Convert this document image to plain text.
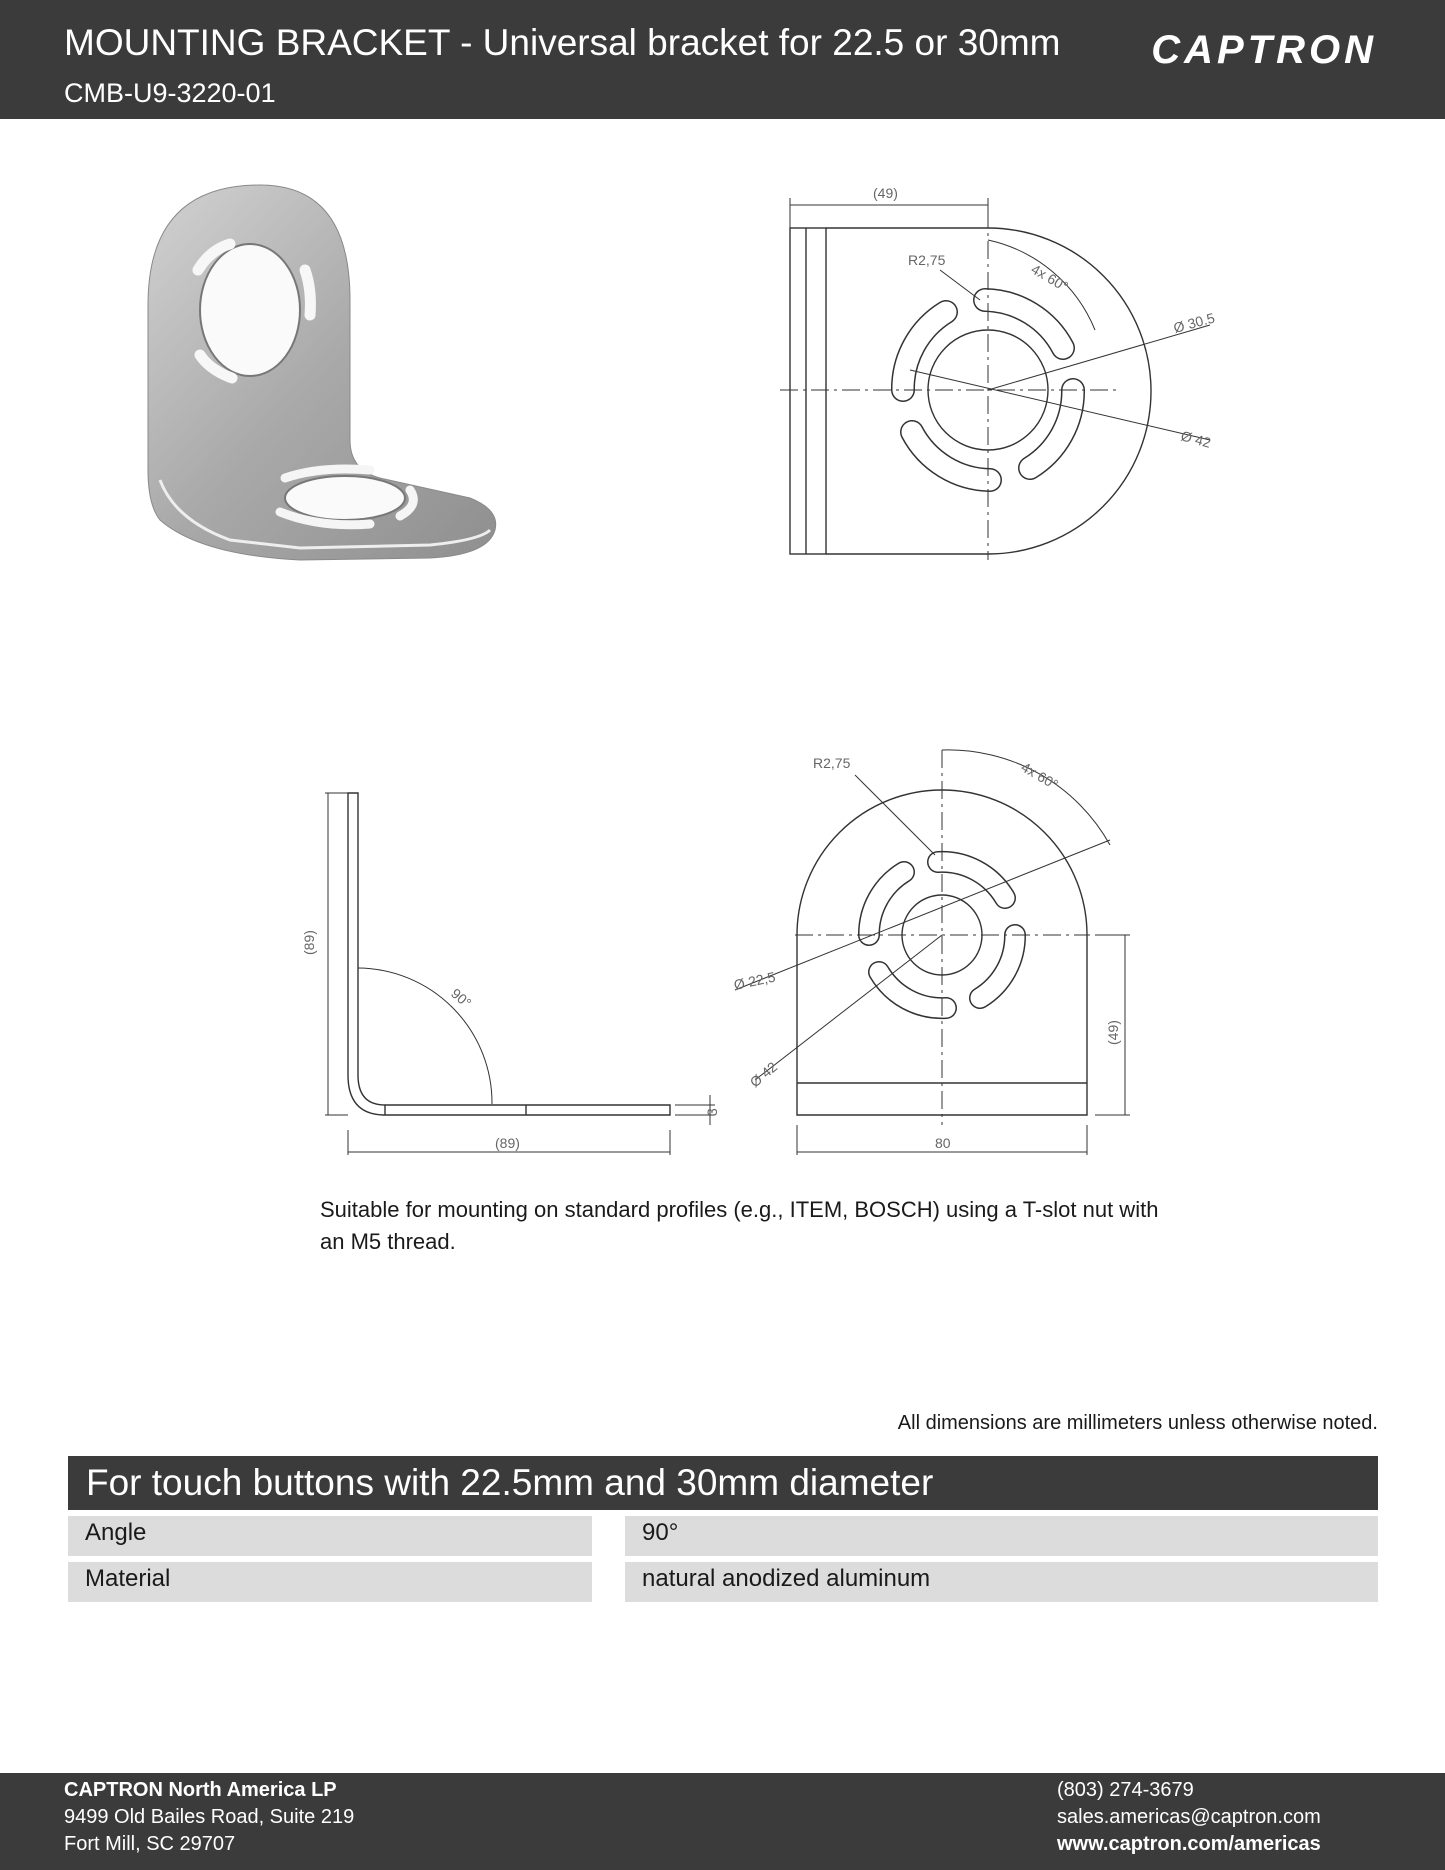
MOUNTING BRACKET - Universal bracket for 22.5 or 30mm
CMB-U9-3220-01
CAPTRON
(49)
R2,75
4x 60°
Ø 30.5
Ø 42
(89)
(89)
90°
3
R2,75	4x 60°
Ø 22,5
Ø 42
(49)
80
Suitable for mounting on standard profiles (e.g., ITEM, BOSCH) using a T-slot nut with an M5 thread.
All dimensions are millimeters unless otherwise noted.
For touch buttons with 22.5mm and 30mm diameter
Angle	90°
Material	natural anodized aluminum
CAPTRON North America LP
9499 Old Bailes Road, Suite 219
Fort Mill, SC 29707
(803) 274-3679
sales.americas@captron.com
www.captron.com/americas
